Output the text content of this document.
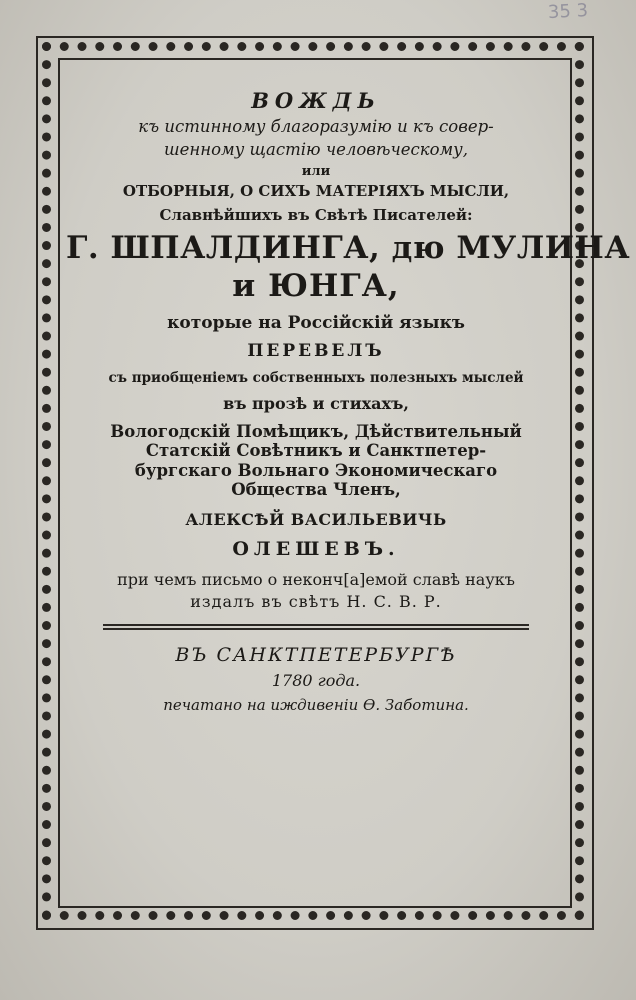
35 3

ВОЖДЬ

къ истинному благоразумію и къ совер-

шенному щастію человѣческому,

или

ОТБОРНЫЯ, О СИХЪ МАТЕРІЯХЪ МЫСЛИ,

Славнѣйшихъ въ Свѣтѣ Писателей:

Г. ШПАЛДИНГА, дю МУЛИНА

и ЮНГА,

которые на Россійскій языкъ

ПЕРЕВЕЛЪ

съ приобщеніемъ собственныхъ полезныхъ мыслей

въ прозѣ и стихахъ,

Вологодскій Помѣщикъ, Дѣйствительный

Статскій Совѣтникъ и Санктпетер-

бургскаго Вольнаго Экономическаго

Общества Членъ,

АЛЕКСѢЙ ВАСИЛЬЕВИЧЬ

ОЛЕШЕВЪ.

при чемъ письмо о неконч[а]емой славѣ наукъ

издалъ въ свѣтъ Н. С. В. Р.

ВЪ САНКТПЕТЕРБУРГѢ

1780 года.

печатано на иждивеніи Ѳ. Заботина.
